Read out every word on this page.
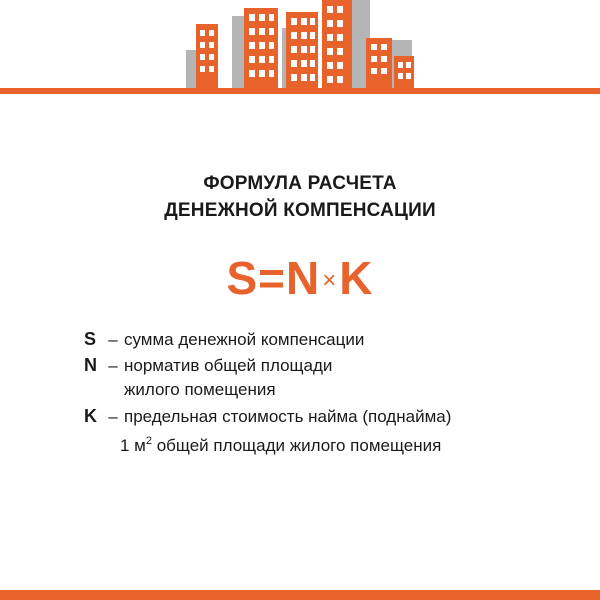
ФОРМУЛА РАСЧЕТА
ДЕНЕЖНОЙ КОМПЕНСАЦИИ
S=N×K
S – сумма денежной компенсации
N – норматив общей площади
жилого помещения
K – предельная стоимость найма (поднайма)
1 $м^2$ общей площади жилого помещения
